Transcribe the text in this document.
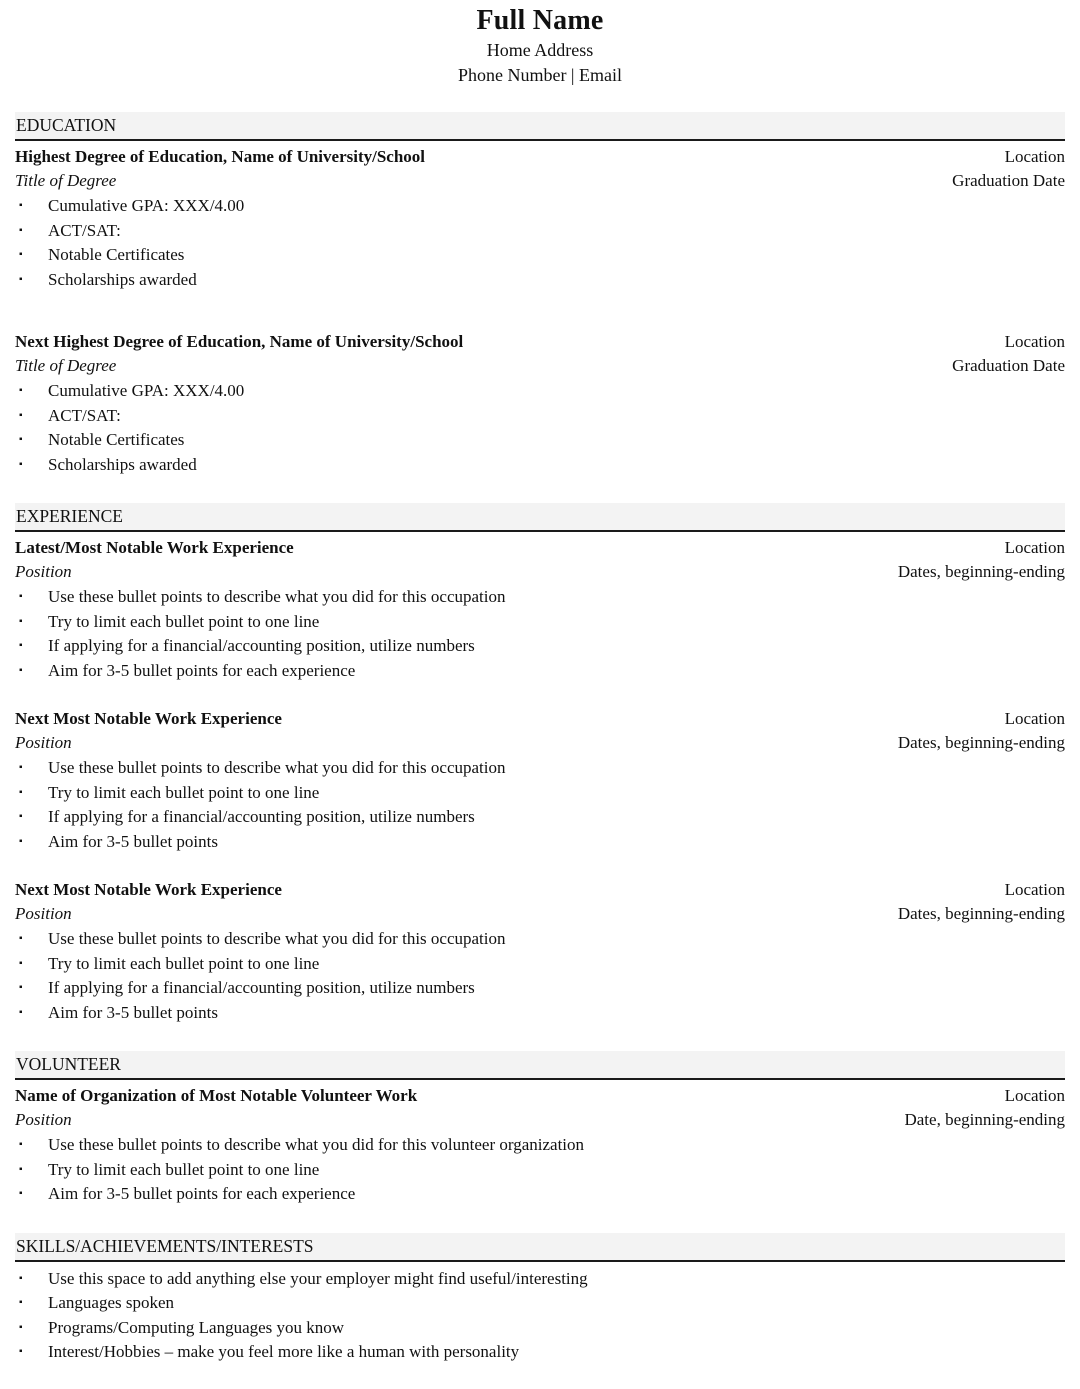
Full Name
Home Address
Phone Number | Email
EDUCATION
Highest Degree of Education, Name of University/School	Location
Title of Degree	Graduation Date
▪	Cumulative GPA: XXX/4.00
▪	ACT/SAT:
▪	Notable Certificates
▪	Scholarships awarded
Next Highest Degree of Education, Name of University/School	Location
Title of Degree	Graduation Date
▪	Cumulative GPA: XXX/4.00
▪	ACT/SAT:
▪	Notable Certificates
▪	Scholarships awarded
EXPERIENCE
Latest/Most Notable Work Experience	Location
Position	Dates, beginning-ending
▪	Use these bullet points to describe what you did for this occupation
▪	Try to limit each bullet point to one line
▪	If applying for a financial/accounting position, utilize numbers
▪	Aim for 3-5 bullet points for each experience
Next Most Notable Work Experience	Location
Position	Dates, beginning-ending
▪	Use these bullet points to describe what you did for this occupation
▪	Try to limit each bullet point to one line
▪	If applying for a financial/accounting position, utilize numbers
▪	Aim for 3-5 bullet points
Next Most Notable Work Experience	Location
Position	Dates, beginning-ending
▪	Use these bullet points to describe what you did for this occupation
▪	Try to limit each bullet point to one line
▪	If applying for a financial/accounting position, utilize numbers
▪	Aim for 3-5 bullet points
VOLUNTEER
Name of Organization of Most Notable Volunteer Work	Location
Position	Date, beginning-ending
▪	Use these bullet points to describe what you did for this volunteer organization
▪	Try to limit each bullet point to one line
▪	Aim for 3-5 bullet points for each experience
SKILLS/ACHIEVEMENTS/INTERESTS
▪	Use this space to add anything else your employer might find useful/interesting
▪	Languages spoken
▪	Programs/Computing Languages you know
▪	Interest/Hobbies – make you feel more like a human with personality
